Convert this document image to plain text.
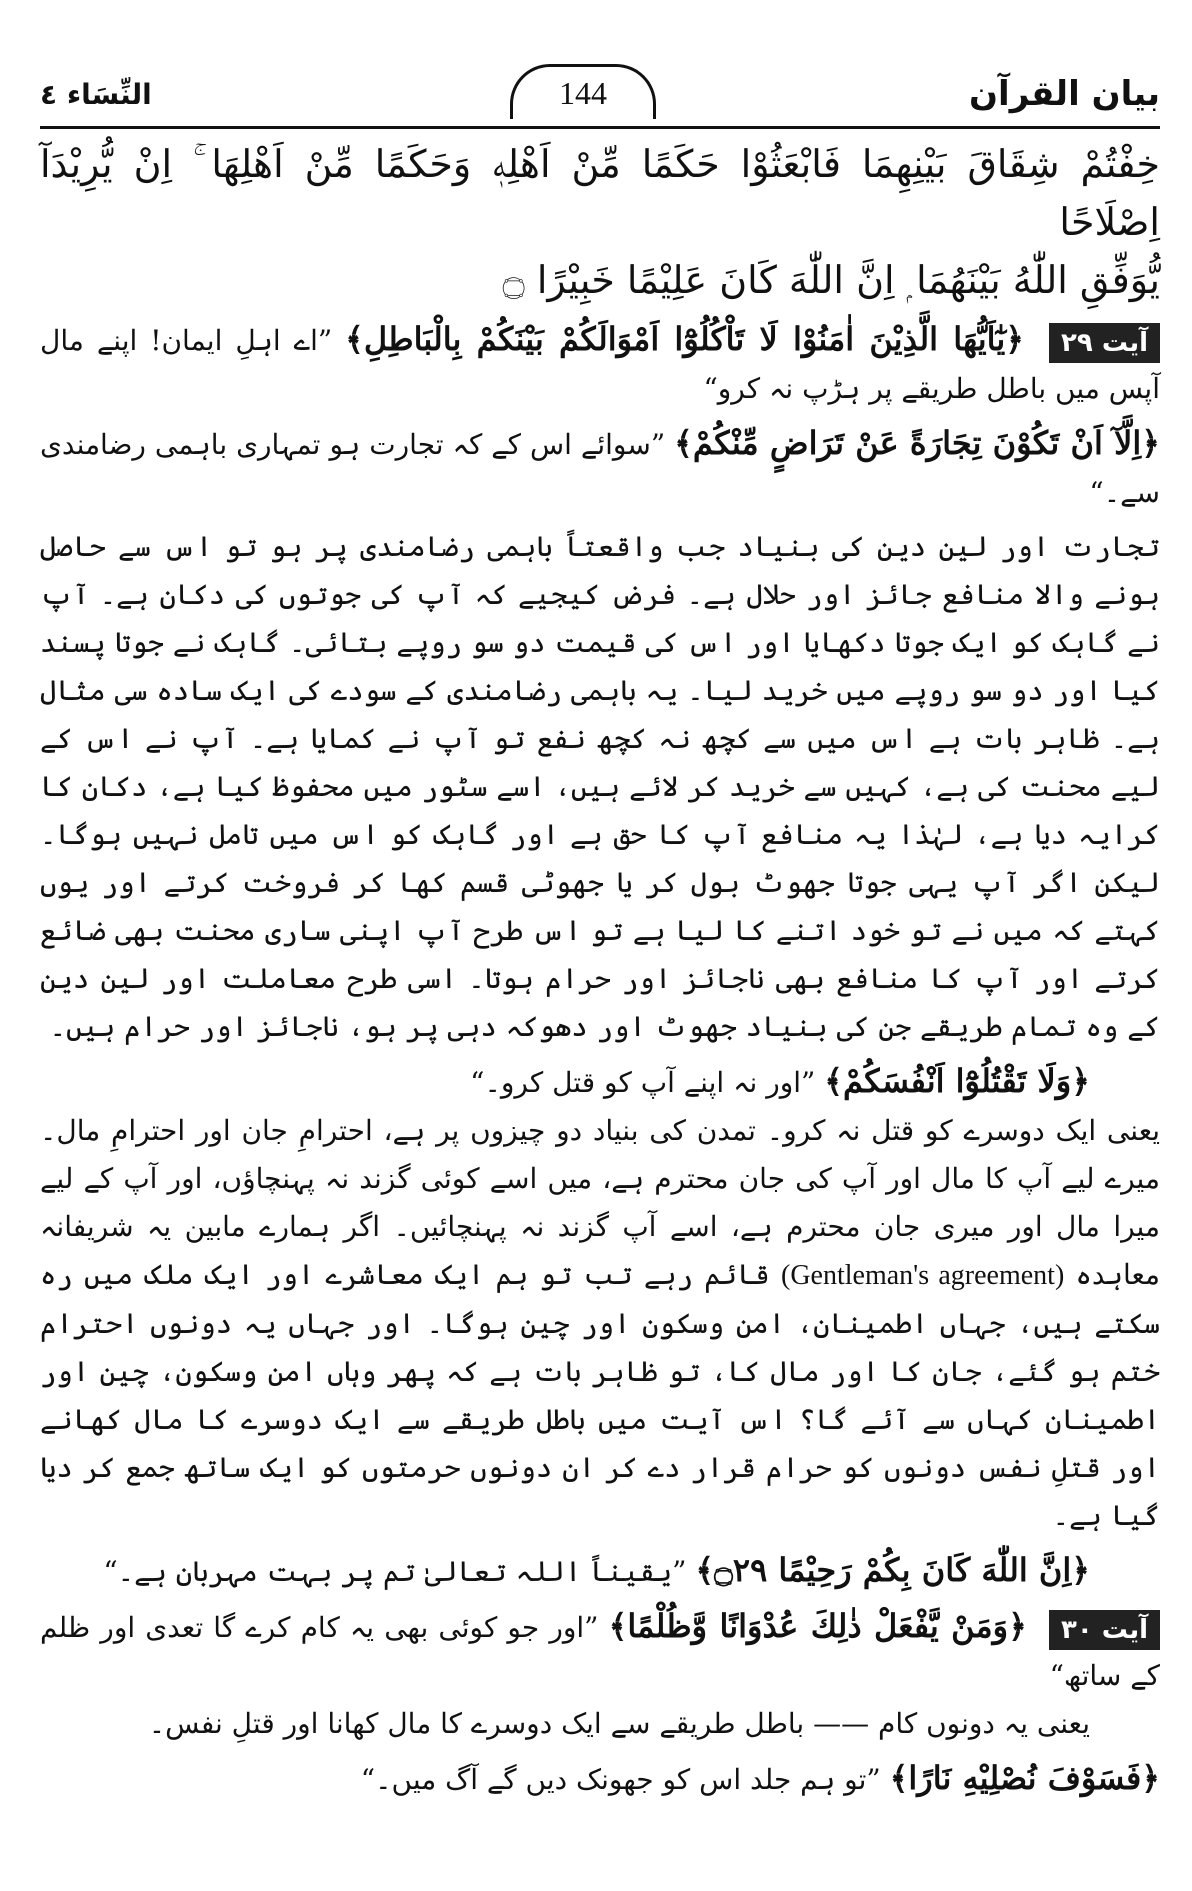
بیان القرآن
144
النِّسَاء ٤
خِفْتُمْ شِقَاقَ بَيْنِهِمَا فَابْعَثُوْا حَكَمًا مِّنْ اَهْلِهٖ وَحَكَمًا مِّنْ اَهْلِهَا ۚ اِنْ يُّرِيْدَآ اِصْلَاحًا
يُّوَفِّقِ اللّٰهُ بَيْنَهُمَا ۭ اِنَّ اللّٰهَ كَانَ عَلِيْمًا خَبِيْرًا ۝

آیت ۲۹ ﴿يٰٓاَيُّهَا الَّذِيْنَ اٰمَنُوْا لَا تَاْكُلُوْٓا اَمْوَالَكُمْ بَيْنَكُمْ بِالْبَاطِلِ﴾ ”اے اہلِ ایمان! اپنے مال آپس میں باطل طریقے پر ہڑپ نہ کرو“

﴿اِلَّآ اَنْ تَكُوْنَ تِجَارَةً عَنْ تَرَاضٍ مِّنْكُمْ﴾ ”سوائے اس کے کہ تجارت ہو تمہاری باہمی رضامندی سے۔“

تجارت اور لین دین کی بنیاد جب واقعتاً باہمی رضامندی پر ہو تو اس سے حاصل ہونے والا منافع جائز اور حلال ہے۔ فرض کیجیے کہ آپ کی جوتوں کی دکان ہے۔ آپ نے گاہک کو ایک جوتا دکھایا اور اس کی قیمت دو سو روپے بتائی۔ گاہک نے جوتا پسند کیا اور دو سو روپے میں خرید لیا۔ یہ باہمی رضامندی کے سودے کی ایک سادہ سی مثال ہے۔ ظاہر بات ہے اس میں سے کچھ نہ کچھ نفع تو آپ نے کمایا ہے۔ آپ نے اس کے لیے محنت کی ہے، کہیں سے خرید کر لائے ہیں، اسے سٹور میں محفوظ کیا ہے، دکان کا کرایہ دیا ہے، لہٰذا یہ منافع آپ کا حق ہے اور گاہک کو اس میں تامل نہیں ہوگا۔ لیکن اگر آپ یہی جوتا جھوٹ بول کر یا جھوٹی قسم کھا کر فروخت کرتے اور یوں کہتے کہ میں نے تو خود اتنے کا لیا ہے تو اس طرح آپ اپنی ساری محنت بھی ضائع کرتے اور آپ کا منافع بھی ناجائز اور حرام ہوتا۔ اسی طرح معاملت اور لین دین کے وہ تمام طریقے جن کی بنیاد جھوٹ اور دھوکہ دہی پر ہو، ناجائز اور حرام ہیں۔

﴿وَلَا تَقْتُلُوْٓا اَنْفُسَكُمْ﴾ ”اور نہ اپنے آپ کو قتل کرو۔“

یعنی ایک دوسرے کو قتل نہ کرو۔ تمدن کی بنیاد دو چیزوں پر ہے، احترامِ جان اور احترامِ مال۔ میرے لیے آپ کا مال اور آپ کی جان محترم ہے، میں اسے کوئی گزند نہ پہنچاؤں، اور آپ کے لیے میرا مال اور میری جان محترم ہے، اسے آپ گزند نہ پہنچائیں۔ اگر ہمارے مابین یہ شریفانہ معاہدہ (Gentleman's agreement) قائم رہے تب تو ہم ایک معاشرے اور ایک ملک میں رہ سکتے ہیں، جہاں اطمینان، امن وسکون اور چین ہوگا۔ اور جہاں یہ دونوں احترام ختم ہو گئے، جان کا اور مال کا، تو ظاہر بات ہے کہ پھر وہاں امن وسکون، چین اور اطمینان کہاں سے آئے گا؟ اس آیت میں باطل طریقے سے ایک دوسرے کا مال کھانے اور قتلِ نفس دونوں کو حرام قرار دے کر ان دونوں حرمتوں کو ایک ساتھ جمع کر دیا گیا ہے۔

﴿اِنَّ اللّٰهَ كَانَ بِكُمْ رَحِيْمًا ۝٢٩﴾ ”یقیناً اللہ تعالیٰ تم پر بہت مہربان ہے۔“

آیت ۳۰ ﴿وَمَنْ يَّفْعَلْ ذٰلِكَ عُدْوَانًا وَّظُلْمًا﴾ ”اور جو کوئی بھی یہ کام کرے گا تعدی اور ظلم کے ساتھ“

یعنی یہ دونوں کام —— باطل طریقے سے ایک دوسرے کا مال کھانا اور قتلِ نفس۔

﴿فَسَوْفَ نُصْلِيْهِ نَارًا﴾ ”تو ہم جلد اس کو جھونک دیں گے آگ میں۔“
